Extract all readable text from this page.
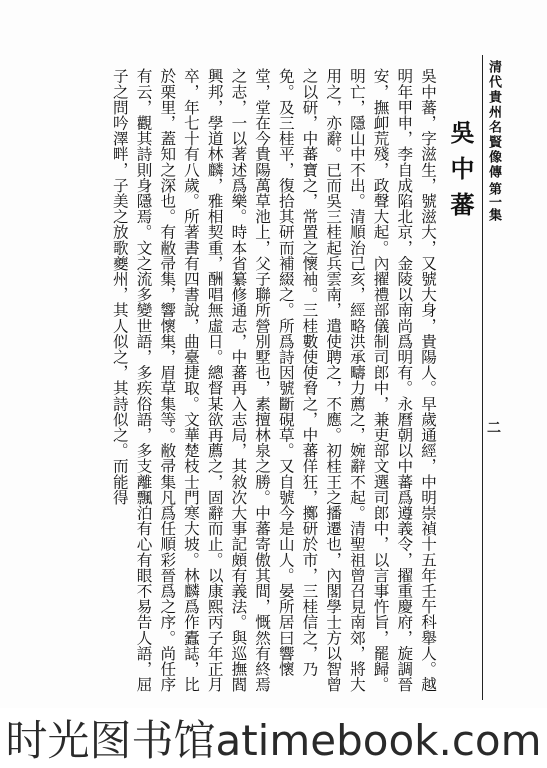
清代貴州名賢像傳
第一集
二
吳中蕃
吳中蕃，字滋生，號滋大，又號大身，貴陽人。早歲通經，中明崇禎十五年壬午科舉人。越明年甲申，李自成陷北京，金陵以南尚爲明有。永曆朝以中蕃爲遵義令，擢重慶府，旋調晉安，撫卹荒殘，政聲大起。內擢禮部儀制司郎中，兼吏部文選司郎中，以言事忤旨，罷歸。明亡，隱山中不出。清順治己亥，經略洪承疇力薦之，婉辭不起。清聖祖曾召見南郊，將大用之，亦辭。已而吳三桂起兵雲南，遣使聘之，不應。初桂王之播遷也，內閣學士方以智曾之以研，中蕃寶之，常置之懷袖。三桂數使使脅之，中蕃佯狂，擲研於市，三桂信之，乃免。及三桂平，復拾其研而補綴之。所爲詩因號斷硯草。又自號今是山人。晏所居曰響懷堂，堂在今貴陽萬草池上，父子聯所營別墅也，素擅林泉之勝。中蕃寄傲其間，慨然有終焉之志，一以著述爲樂。時本省纂修通志，中蕃再入志局，其敘次大事記頗有義法。與巡撫閻興邦，學道林麟，雅相契重，酬唱無虛日。總督某欲再薦之，固辭而止。以康熙丙子年正月卒，年七十有八歲。所著書有四書說，曲臺捷取。文華楚枝士門寒大坡。林麟爲作蠹誌，比於栗里，蓋知之深也。有敝帚集，響懷集，眉草集等。敝帚集凡爲任順彩晉爲之序。尚任序有云，觀其詩則身隱焉。文之流多變世語，多疾俗語，多支離飄泊有心有眼不易告人語，屈子之問吟澤畔，子美之放歌夔州，其人似之，其詩似之。而能得
时光图书馆atimebook.com
